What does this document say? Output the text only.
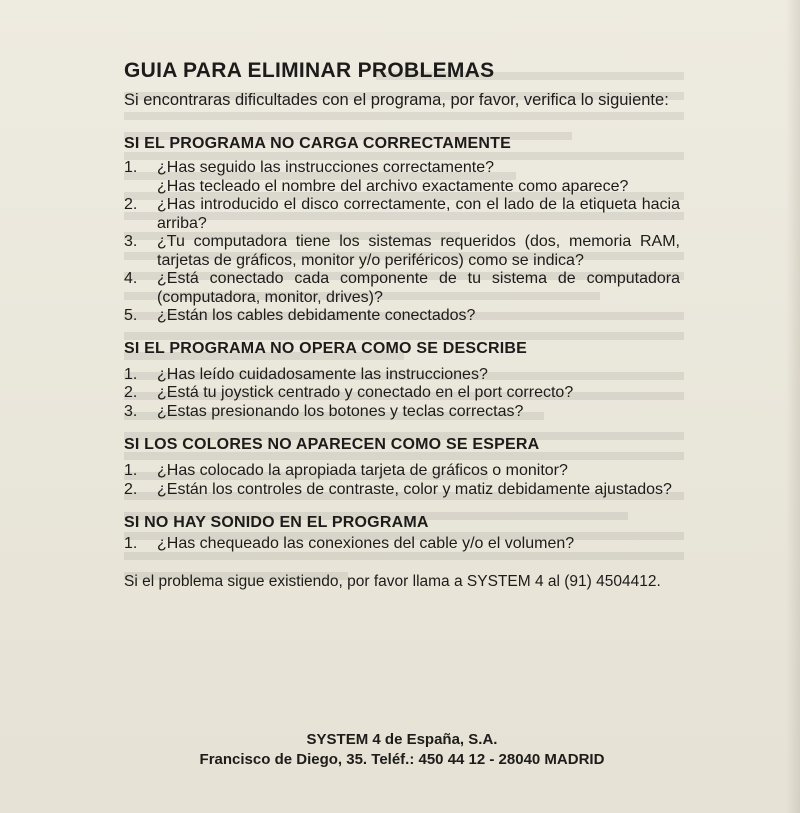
GUIA PARA ELIMINAR PROBLEMAS

Si encontraras dificultades con el programa, por favor, verifica lo siguiente:

SI EL PROGRAMA NO CARGA CORRECTAMENTE
1.	¿Has seguido las instrucciones correctamente?
¿Has tecleado el nombre del archivo exactamente como aparece?
2.	¿Has introducido el disco correctamente, con el lado de la etiqueta hacia arriba?
3.	¿Tu computadora tiene los sistemas requeridos (dos, memoria RAM, tarjetas de gráficos, monitor y/o periféricos) como se indica?
4.	¿Está conectado cada componente de tu sistema de computadora (computadora, monitor, drives)?
5.	¿Están los cables debidamente conectados?
SI EL PROGRAMA NO OPERA COMO SE DESCRIBE
1.	¿Has leído cuidadosamente las instrucciones?
2.	¿Está tu joystick centrado y conectado en el port correcto?
3.	¿Estas presionando los botones y teclas correctas?
SI LOS COLORES NO APARECEN COMO SE ESPERA
1.	¿Has colocado la apropiada tarjeta de gráficos o monitor?
2.	¿Están los controles de contraste, color y matiz debidamente ajustados?
SI NO HAY SONIDO EN EL PROGRAMA
1.	¿Has chequeado las conexiones del cable y/o el volumen?

Si el problema sigue existiendo, por favor llama a SYSTEM 4 al (91) 4504412.

SYSTEM 4 de España, S.A.
Francisco de Diego, 35. Teléf.: 450 44 12 - 28040 MADRID
